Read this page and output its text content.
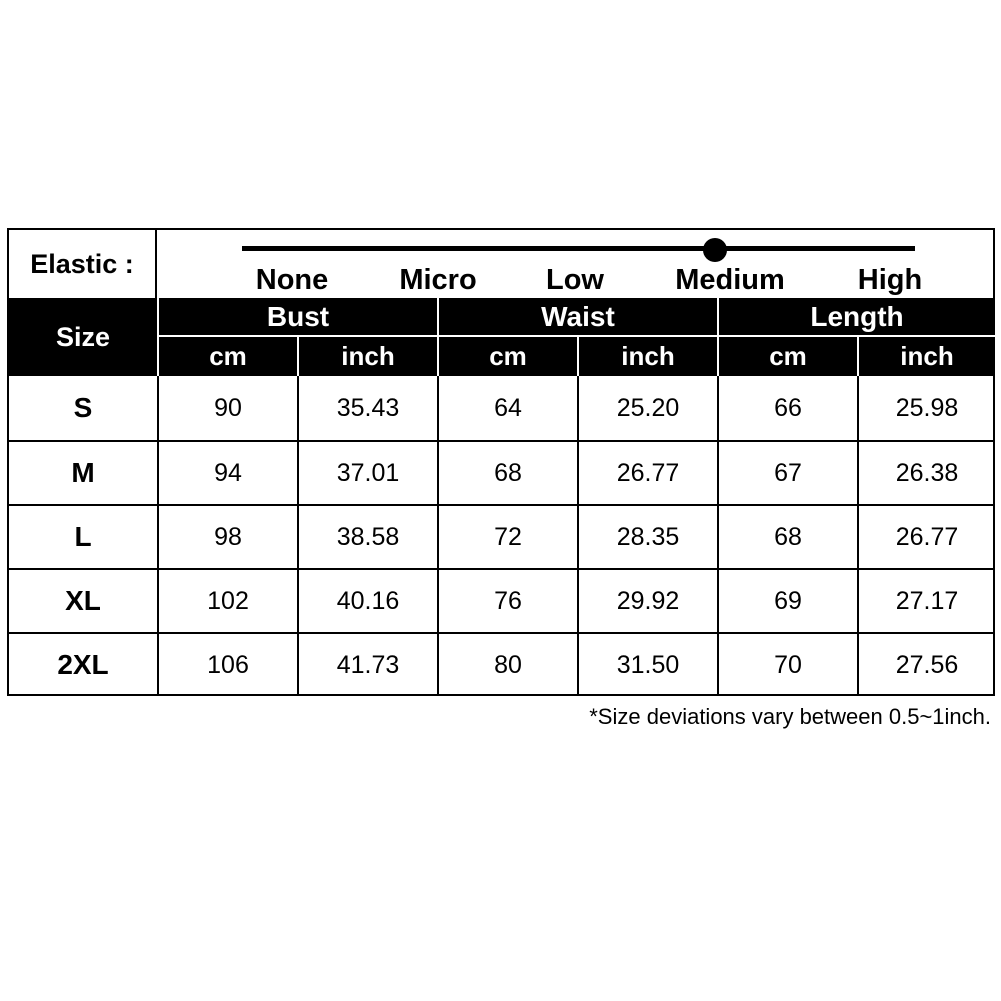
Elastic :
None Micro Low Medium	High
Size
Bust	Waist	Length
cm	inch	cm	inch	cm	inch
S	90	35.43	64	25.20	66	25.98
M	94	37.01	68	26.77	67	26.38
L	98	38.58	72	28.35	68	26.77
XL	102	40.16	76	29.92	69	27.17
2XL	106	41.73	80	31.50	70	27.56
*Size deviations vary between 0.5~1inch.
